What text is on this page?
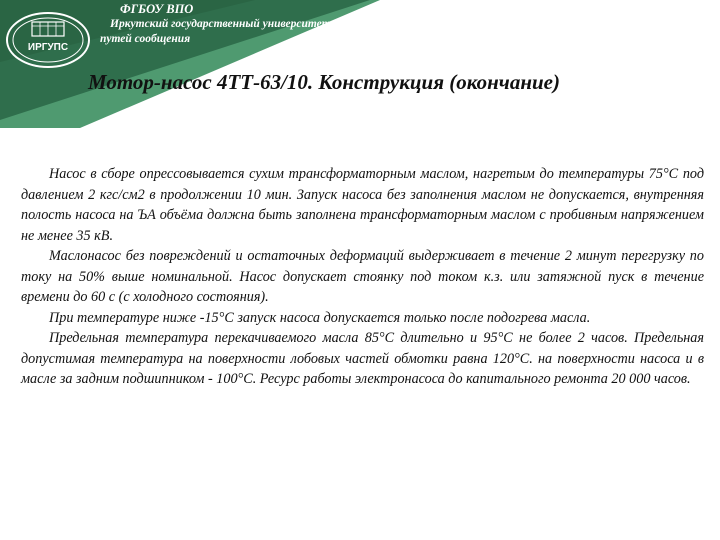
ИРГУПС
ФГБОУ ВПО
Иркутский государственный университет
путей сообщения
Мотор-насос 4ТТ-63/10. Конструкция (окончание)

Насос в сборе опрессовывается сухим трансформаторным маслом, нагретым до температуры 75°С под давлением 2 кгс/см2 в продолжении 10 мин. Запуск насоса без заполнения маслом не допускается, внутренняя полость насоса на ЪА объёма должна быть заполнена трансформаторным маслом с пробивным напряжением не менее 35 кВ.

Маслонасос без повреждений и остаточных деформаций выдерживает в течение 2 минут перегрузку по току на 50% выше номинальной. Насос допускает стоянку под током к.з. или затяжной пуск в течение времени до 60 с (с холодного состояния).

При температуре ниже -15°С запуск насоса допускается только после подогрева масла.

Предельная температура перекачиваемого масла 85°С длительно и 95°С не более 2 часов. Предельная допустимая температура на поверхности лобовых частей обмотки равна 120°С. на поверхности насоса и в масле за задним подшипником - 100°С. Ресурс работы электронасоса до капитального ремонта 20 000 часов.
